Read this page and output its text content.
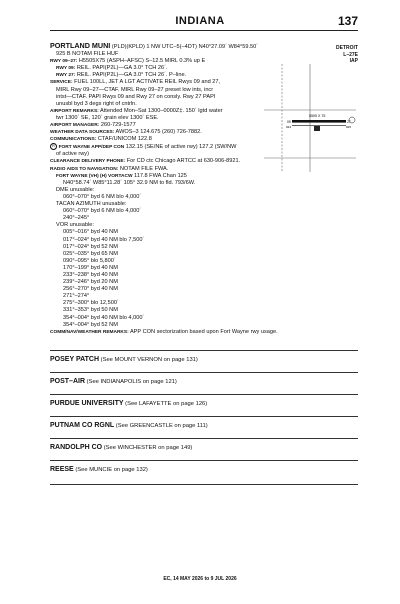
INDIANA	137
DETROIT
L–27E
IAP
PORTLAND MUNI (PLD)(KPLD) 1 NW UTC–5(–4DT) N40°27.09´ W84°59.50´
925 B NOTAM FILE HUF
RWY 09–27: H5505X75 (ASPH–AFSC) S–12.5 MIRL 0.3% up E
RWY 09: REIL. PAPI(P2L)—GA 3.0° TCH 26´.
RWY 27: REIL. PAPI(P2L)—GA 3.0° TCH 26´. P–line.
SERVICE: FUEL 100LL, JET A LGT ACTIVATE REIL Rwys 09 and 27,
MIRL Rwy 09–27—CTAF. MIRL Rwy 09–27 preset low ints, incr
intst—CTAF. PAPI Rwys 09 and Rwy 27 on consly. Rwy 27 PAPI
unusbl byd 3 degs right of cntrln.
AIRPORT REMARKS: Attended Mon–Sat 1300–0000Z‡. 150´ lgtd water
twr 1300´ SE, 120´ grain elev 1300´ ESE.
AIRPORT MANAGER: 260-729-1577
WEATHER DATA SOURCES: AWOS–3 124.675 (260) 726-7882.
COMMUNICATIONS: CTAF/UNICOM 122.8
R FORT WAYNE APP/DEP CON 132.15 (SE/NE of active rwy) 127.2 (SW/NW
of active rwy)
CLEARANCE DELIVERY PHONE: For CD ctc Chicago ARTCC at 630-906-8921.
RADIO AIDS TO NAVIGATION: NOTAM FILE FWA.
FORT WAYNE (VH) (H) VORTACW 117.8 FWA Chan 125
N40°58.74´ W85°11.28´ 105° 32.9 NM to fld. 793/6W.
DME unusable:
060°–070° byd 6 NM blo 4,000´
TACAN AZIMUTH unusable:
060°–070° byd 6 NM blo 4,000´
240°–245°
VOR unusable:
005°–016° byd 40 NM
017°–024° byd 40 NM blo 7,500´
017°–024° byd 52 NM
025°–035° byd 65 NM
090°–095° blo 5,800´
170°–199° byd 40 NM
233°–238° byd 40 NM
239°–246° byd 20 NM
256°–270° byd 40 NM
271°–274°
275°–300° blo 12,500´
331°–353° byd 50 NM
354°–004° byd 40 NM blo 4,000´
354°–004° byd 52 NM
COMM/NAV/WEATHER REMARKS: APP CON sectorization based upon Fort Wayne rwy usage.
5505 X 75
09	27
924	925
POSEY PATCH (See MOUNT VERNON on page 131)
POST–AIR (See INDIANAPOLIS on page 121)
PURDUE UNIVERSITY (See LAFAYETTE on page 126)
PUTNAM CO RGNL (See GREENCASTLE on page 111)
RANDOLPH CO (See WINCHESTER on page 149)
REESE (See MUNCIE on page 132)
EC, 14 MAY 2026 to 9 JUL 2026
